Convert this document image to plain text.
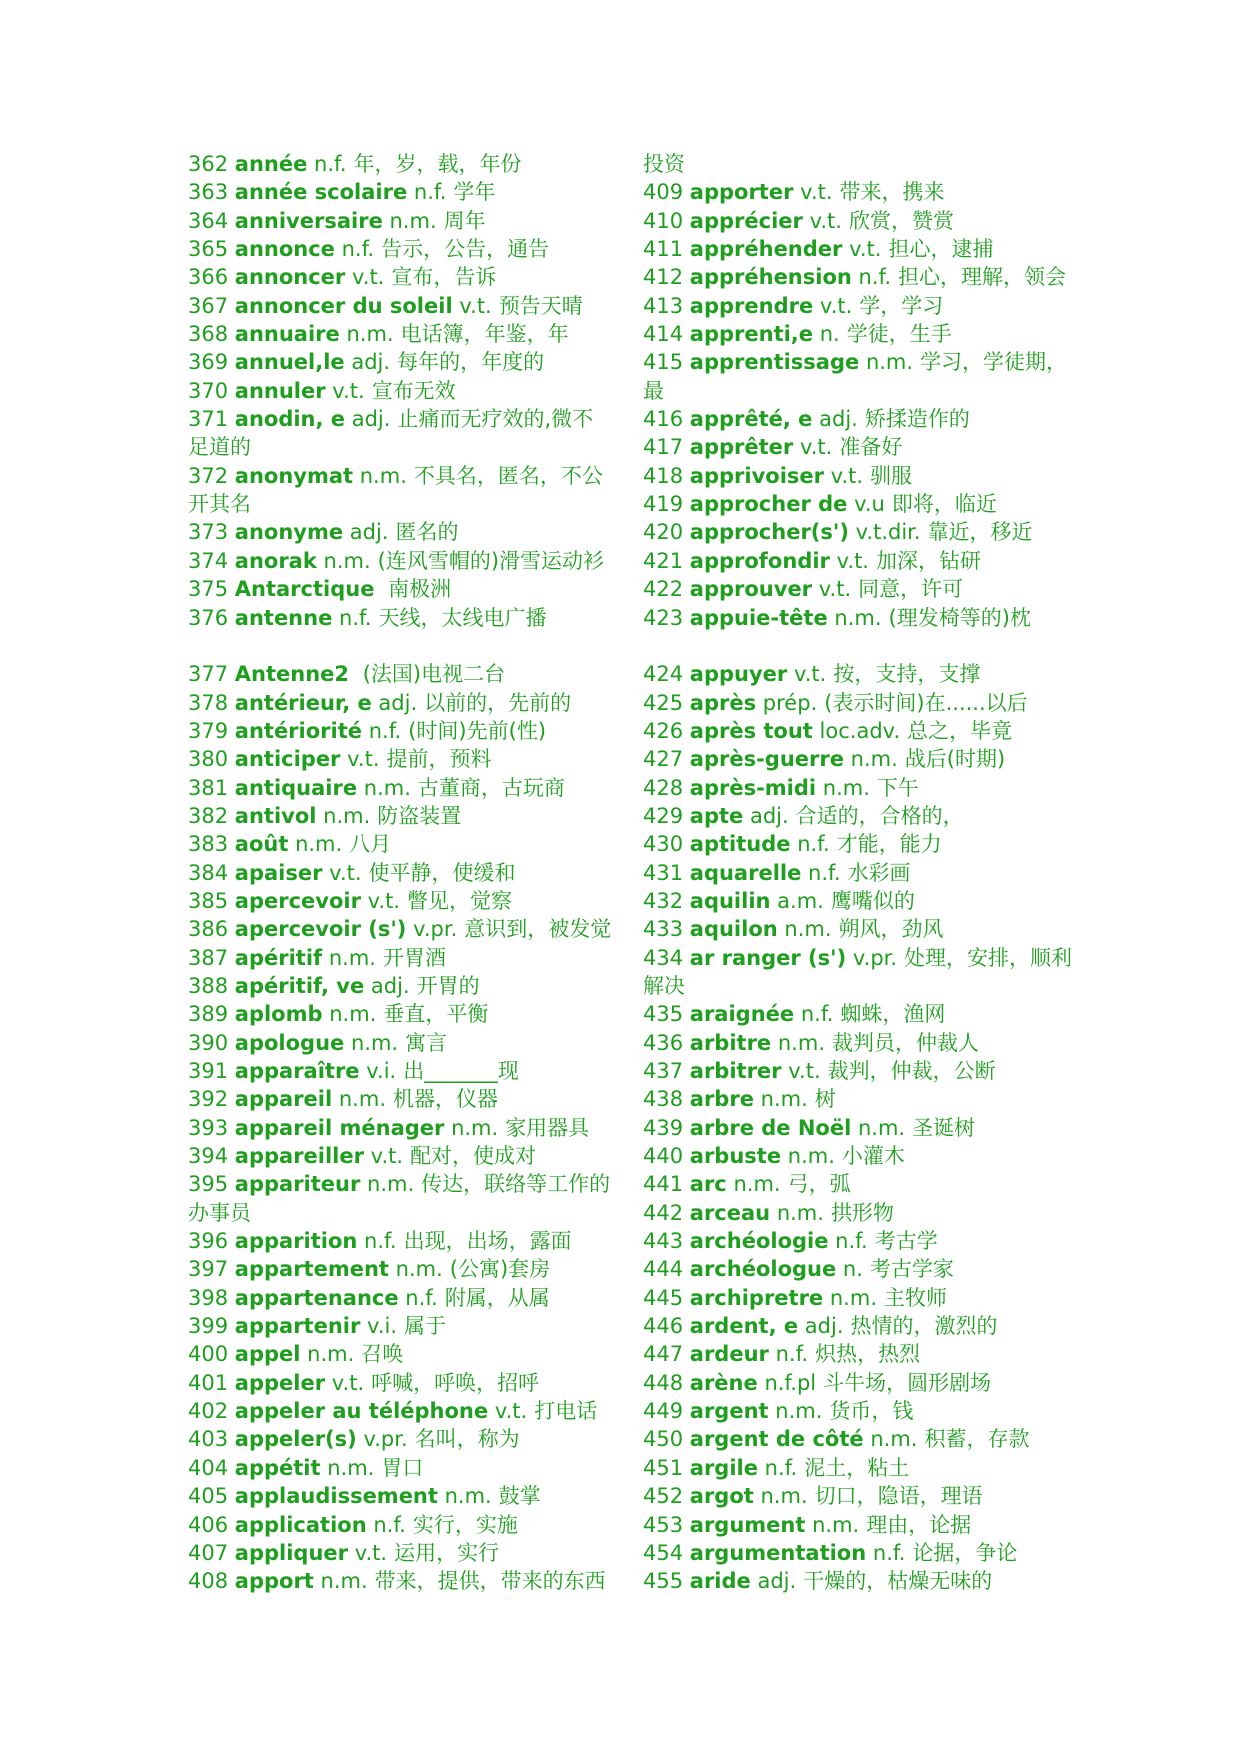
362 année n.f. 年，岁，载，年份
363 année scolaire n.f. 学年
364 anniversaire n.m. 周年
365 annonce n.f. 告示，公告，通告
366 annoncer v.t. 宣布，告诉
367 annoncer du soleil v.t. 预告天晴
368 annuaire n.m. 电话簿，年鉴，年
369 annuel,le adj. 每年的，年度的
370 annuler v.t. 宣布无效
371 anodin, e adj. 止痛而无疗效的,微不
足道的
372 anonymat n.m. 不具名，匿名，不公
开其名
373 anonyme adj. 匿名的
374 anorak n.m. (连风雪帽的)滑雪运动衫
375 Antarctique 南极洲
376 antenne n.f. 天线，太线电广播
377 Antenne2 (法国)电视二台
378 antérieur, e adj. 以前的，先前的
379 antériorité n.f. (时间)先前(性)
380 anticiper v.t. 提前，预料
381 antiquaire n.m. 古董商，古玩商
382 antivol n.m. 防盗装置
383 août n.m. 八月
384 apaiser v.t. 使平静，使缓和
385 apercevoir v.t. 瞥见，觉察
386 apercevoir (s') v.pr. 意识到，被发觉
387 apéritif n.m. 开胃酒
388 apéritif, ve adj. 开胃的
389 aplomb n.m. 垂直，平衡
390 apologue n.m. 寓言
391 apparaître v.i. 出_______现
392 appareil n.m. 机器，仪器
393 appareil ménager n.m. 家用器具
394 appareiller v.t. 配对，使成对
395 appariteur n.m. 传达，联络等工作的
办事员
396 apparition n.f. 出现，出场，露面
397 appartement n.m. (公寓)套房
398 appartenance n.f. 附属，从属
399 appartenir v.i. 属于
400 appel n.m. 召唤
401 appeler v.t. 呼喊，呼唤，招呼
402 appeler au téléphone v.t. 打电话
403 appeler(s) v.pr. 名叫，称为
404 appétit n.m. 胃口
405 applaudissement n.m. 鼓掌
406 application n.f. 实行，实施
407 appliquer v.t. 运用，实行
408 apport n.m. 带来，提供，带来的东西
投资
409 apporter v.t. 带来，携来
410 apprécier v.t. 欣赏，赞赏
411 appréhender v.t. 担心，逮捕
412 appréhension n.f. 担心，理解，领会
413 apprendre v.t. 学，学习
414 apprenti,e n. 学徒，生手
415 apprentissage n.m. 学习，学徒期，
最
416 apprêté, e adj. 矫揉造作的
417 apprêter v.t. 准备好
418 apprivoiser v.t. 驯服
419 approcher de v.u 即将，临近
420 approcher(s') v.t.dir. 靠近，移近
421 approfondir v.t. 加深，钻研
422 approuver v.t. 同意，许可
423 appuie-tête n.m. (理发椅等的)枕
424 appuyer v.t. 按，支持，支撑
425 après prép. (表示时间)在......以后
426 après tout loc.adv. 总之，毕竟
427 après-guerre n.m. 战后(时期)
428 après-midi n.m. 下午
429 apte adj. 合适的，合格的，
430 aptitude n.f. 才能，能力
431 aquarelle n.f. 水彩画
432 aquilin a.m. 鹰嘴似的
433 aquilon n.m. 朔风，劲风
434 ar ranger (s') v.pr. 处理，安排，顺利
解决
435 araignée n.f. 蜘蛛，渔网
436 arbitre n.m. 裁判员，仲裁人
437 arbitrer v.t. 裁判，仲裁，公断
438 arbre n.m. 树
439 arbre de Noël n.m. 圣诞树
440 arbuste n.m. 小灌木
441 arc n.m. 弓，弧
442 arceau n.m. 拱形物
443 archéologie n.f. 考古学
444 archéologue n. 考古学家
445 archipretre n.m. 主牧师
446 ardent, e adj. 热情的，激烈的
447 ardeur n.f. 炽热，热烈
448 arène n.f.pl 斗牛场，圆形剧场
449 argent n.m. 货币，钱
450 argent de côté n.m. 积蓄，存款
451 argile n.f. 泥土，粘土
452 argot n.m. 切口，隐语，理语
453 argument n.m. 理由，论据
454 argumentation n.f. 论据，争论
455 aride adj. 干燥的，枯燥无味的
